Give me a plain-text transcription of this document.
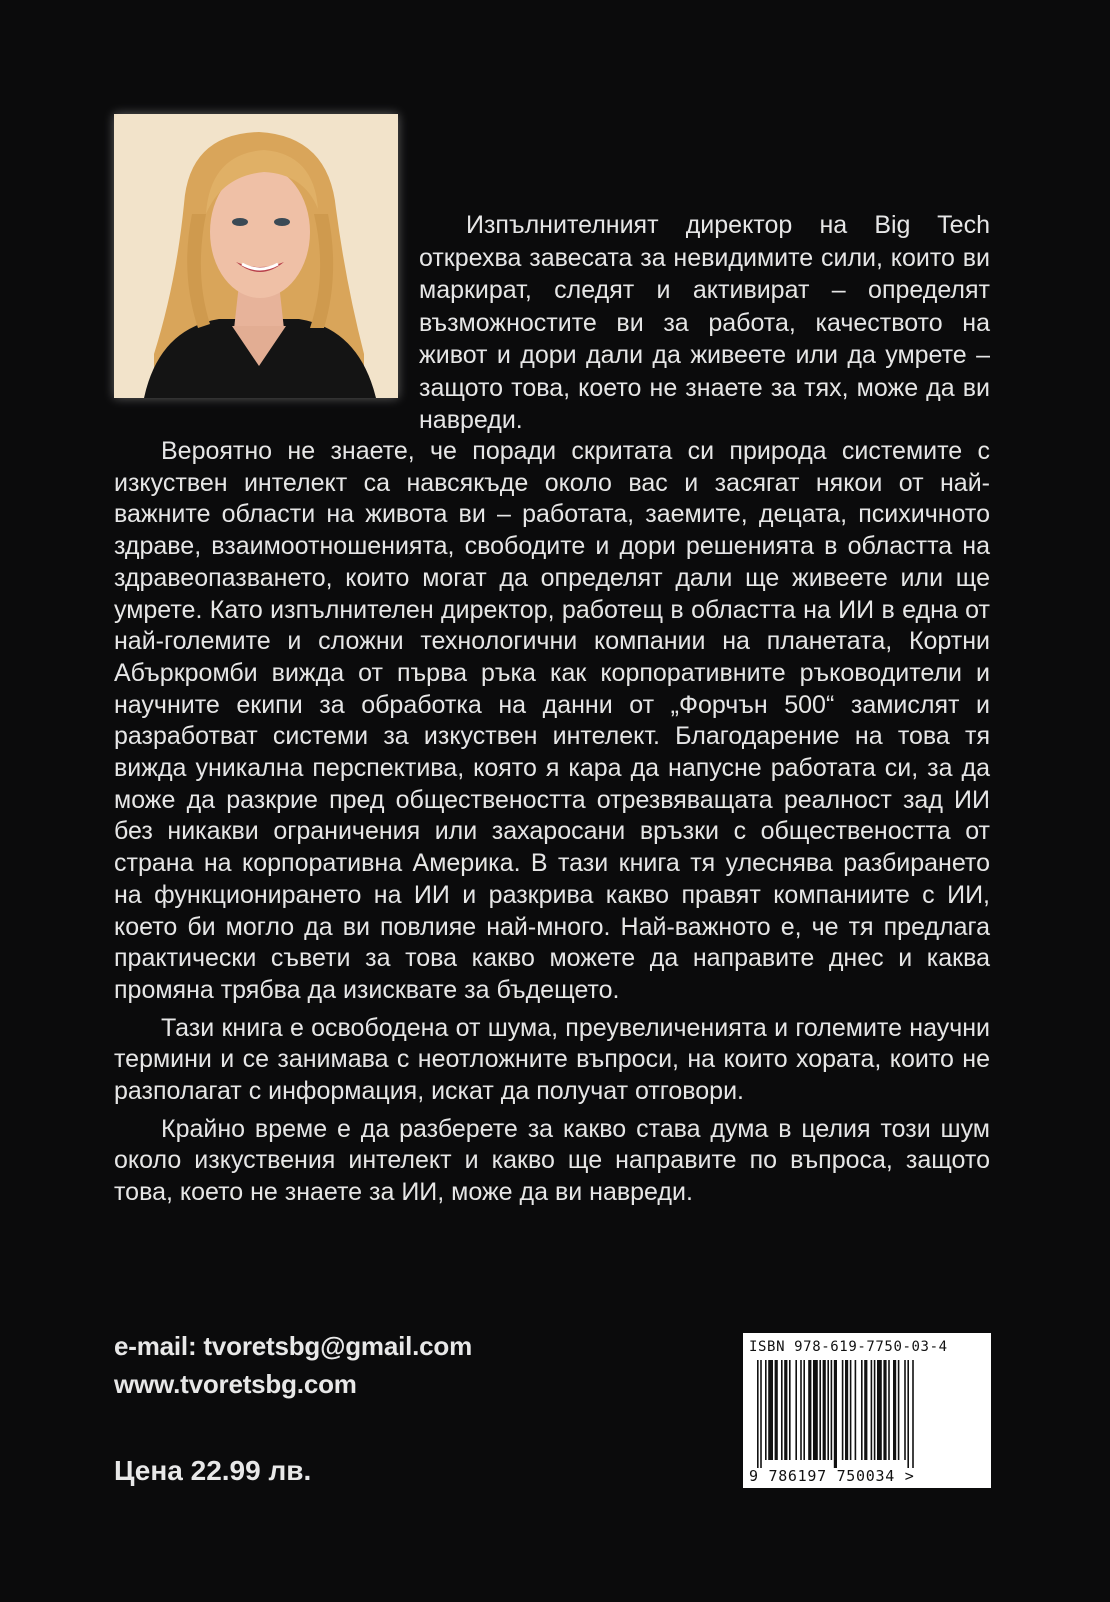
Изпълнителният директор на Big Tech открехва завесата за невидимите сили, които ви маркират, следят и активират – определят възможностите ви за работа, качеството на живот и дори дали да живеете или да умрете – защото това, което не знаете за тях, може да ви навреди.

Вероятно не знаете, че поради скритата си природа системите с изкуствен интелект са навсякъде около вас и засягат някои от най-важните области на живота ви – работата, заемите, децата, психичното здраве, взаимоотношенията, свободите и дори решенията в областта на здравеопазването, които могат да определят дали ще живеете или ще умрете. Като изпълнителен директор, работещ в областта на ИИ в една от най-големите и сложни технологични компании на планетата, Кортни Абъркромби вижда от първа ръка как корпоративните ръководители и научните екипи за обработка на данни от „Форчън 500“ замислят и разработват системи за изкуствен интелект. Благодарение на това тя вижда уникална перспектива, която я кара да напусне работата си, за да може да разкрие пред обществеността отрезвяващата реалност зад ИИ без никакви ограничения или захаросани връзки с обществеността от страна на корпоративна Америка. В тази книга тя улеснява разбирането на функционирането на ИИ и разкрива какво правят компаниите с ИИ, което би могло да ви повлияе най-много. Най-важното е, че тя предлага практически съвети за това какво можете да направите днес и каква промяна трябва да изисквате за бъдещето.

Тази книга е освободена от шума, преувеличенията и големите научни термини и се занимава с неотложните въпроси, на които хората, които не разполагат с информация, искат да получат отговори.

Крайно време е да разберете за какво става дума в целия този шум около изкуствения интелект и какво ще направите по въпроса, защото това, което не знаете за ИИ, може да ви навреди.

e-mail: tvoretsbg@gmail.com
www.tvoretsbg.com
Цена 22.99 лв.
ISBN 978-619-7750-03-4
9 786197 750034 >
